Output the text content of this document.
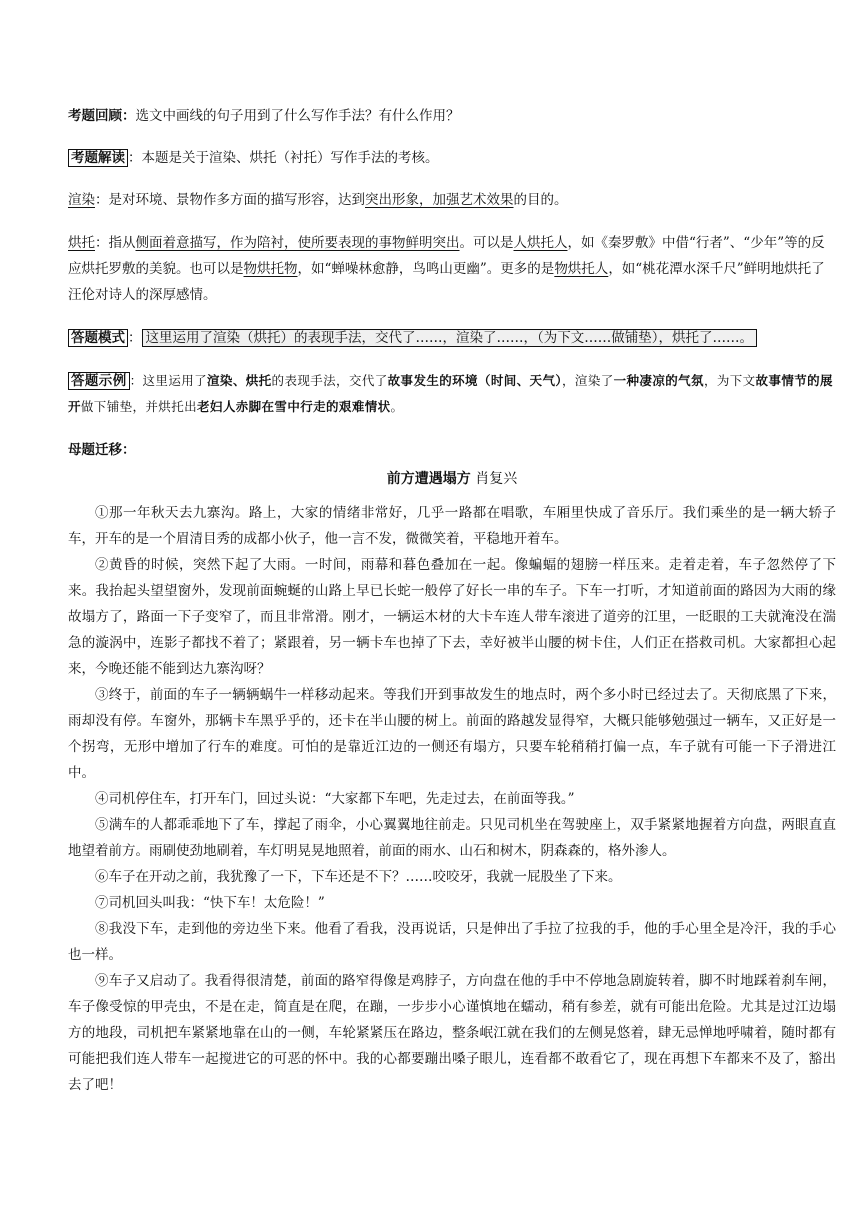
考题回顾：选文中画线的句子用到了什么写作手法？有什么作用？

考题解读 ：本题是关于渲染、烘托（衬托）写作手法的考核。

渲染：是对环境、景物作多方面的描写形容，达到突出形象，加强艺术效果的目的。

烘托：指从侧面着意描写，作为陪衬，使所要表现的事物鲜明突出。可以是人烘托人，如《秦罗敷》中借“行者”、“少年”等的反应烘托罗敷的美貌。也可以是物烘托物，如“蝉噪林愈静，鸟鸣山更幽”。更多的是物烘托人，如“桃花潭水深千尺”鲜明地烘托了汪伦对诗人的深厚感情。

答题模式 ： 这里运用了渲染（烘托）的表现手法，交代了……，渲染了……，（为下文……做铺垫），烘托了……。

答题示例 ：这里运用了渲染、烘托的表现手法，交代了故事发生的环境（时间、天气），渲染了一种凄凉的气氛，为下文故事情节的展开做下铺垫，并烘托出老妇人赤脚在雪中行走的艰难情状。

母题迁移：

前方遭遇塌方 肖复兴

①那一年秋天去九寨沟。路上，大家的情绪非常好，几乎一路都在唱歌，车厢里快成了音乐厅。我们乘坐的是一辆大轿子车，开车的是一个眉清目秀的成都小伙子，他一言不发，微微笑着，平稳地开着车。

②黄昏的时候，突然下起了大雨。一时间，雨幕和暮色叠加在一起。像蝙蝠的翅膀一样压来。走着走着，车子忽然停了下来。我抬起头望望窗外，发现前面蜿蜒的山路上早已长蛇一般停了好长一串的车子。下车一打听，才知道前面的路因为大雨的缘故塌方了，路面一下子变窄了，而且非常滑。刚才，一辆运木材的大卡车连人带车滚进了道旁的江里，一眨眼的工夫就淹没在湍急的漩涡中，连影子都找不着了；紧跟着，另一辆卡车也掉了下去，幸好被半山腰的树卡住，人们正在搭救司机。大家都担心起来，今晚还能不能到达九寨沟呀？

③终于，前面的车子一辆辆蜗牛一样移动起来。等我们开到事故发生的地点时，两个多小时已经过去了。天彻底黑了下来，雨却没有停。车窗外，那辆卡车黑乎乎的，还卡在半山腰的树上。前面的路越发显得窄，大概只能够勉强过一辆车，又正好是一个拐弯，无形中增加了行车的难度。可怕的是靠近江边的一侧还有塌方，只要车轮稍稍打偏一点，车子就有可能一下子滑进江中。

④司机停住车，打开车门，回过头说：“大家都下车吧，先走过去，在前面等我。”

⑤满车的人都乖乖地下了车，撑起了雨伞，小心翼翼地往前走。只见司机坐在驾驶座上，双手紧紧地握着方向盘，两眼直直地望着前方。雨刷使劲地刷着，车灯明晃晃地照着，前面的雨水、山石和树木，阴森森的，格外渗人。

⑥车子在开动之前，我犹豫了一下，下车还是不下？……咬咬牙，我就一屁股坐了下来。

⑦司机回头叫我：“快下车！太危险！”

⑧我没下车，走到他的旁边坐下来。他看了看我，没再说话，只是伸出了手拉了拉我的手，他的手心里全是冷汗，我的手心也一样。

⑨车子又启动了。我看得很清楚，前面的路窄得像是鸡脖子，方向盘在他的手中不停地急剧旋转着，脚不时地踩着刹车闸，车子像受惊的甲壳虫，不是在走，简直是在爬，在蹦，一步步小心谨慎地在蠕动，稍有参差，就有可能出危险。尤其是过江边塌方的地段，司机把车紧紧地靠在山的一侧，车轮紧紧压在路边，整条岷江就在我们的左侧晃悠着，肆无忌惮地呼啸着，随时都有可能把我们连人带车一起搅进它的可恶的怀中。我的心都要蹦出嗓子眼儿，连看都不敢看它了，现在再想下车都来不及了，豁出去了吧！
